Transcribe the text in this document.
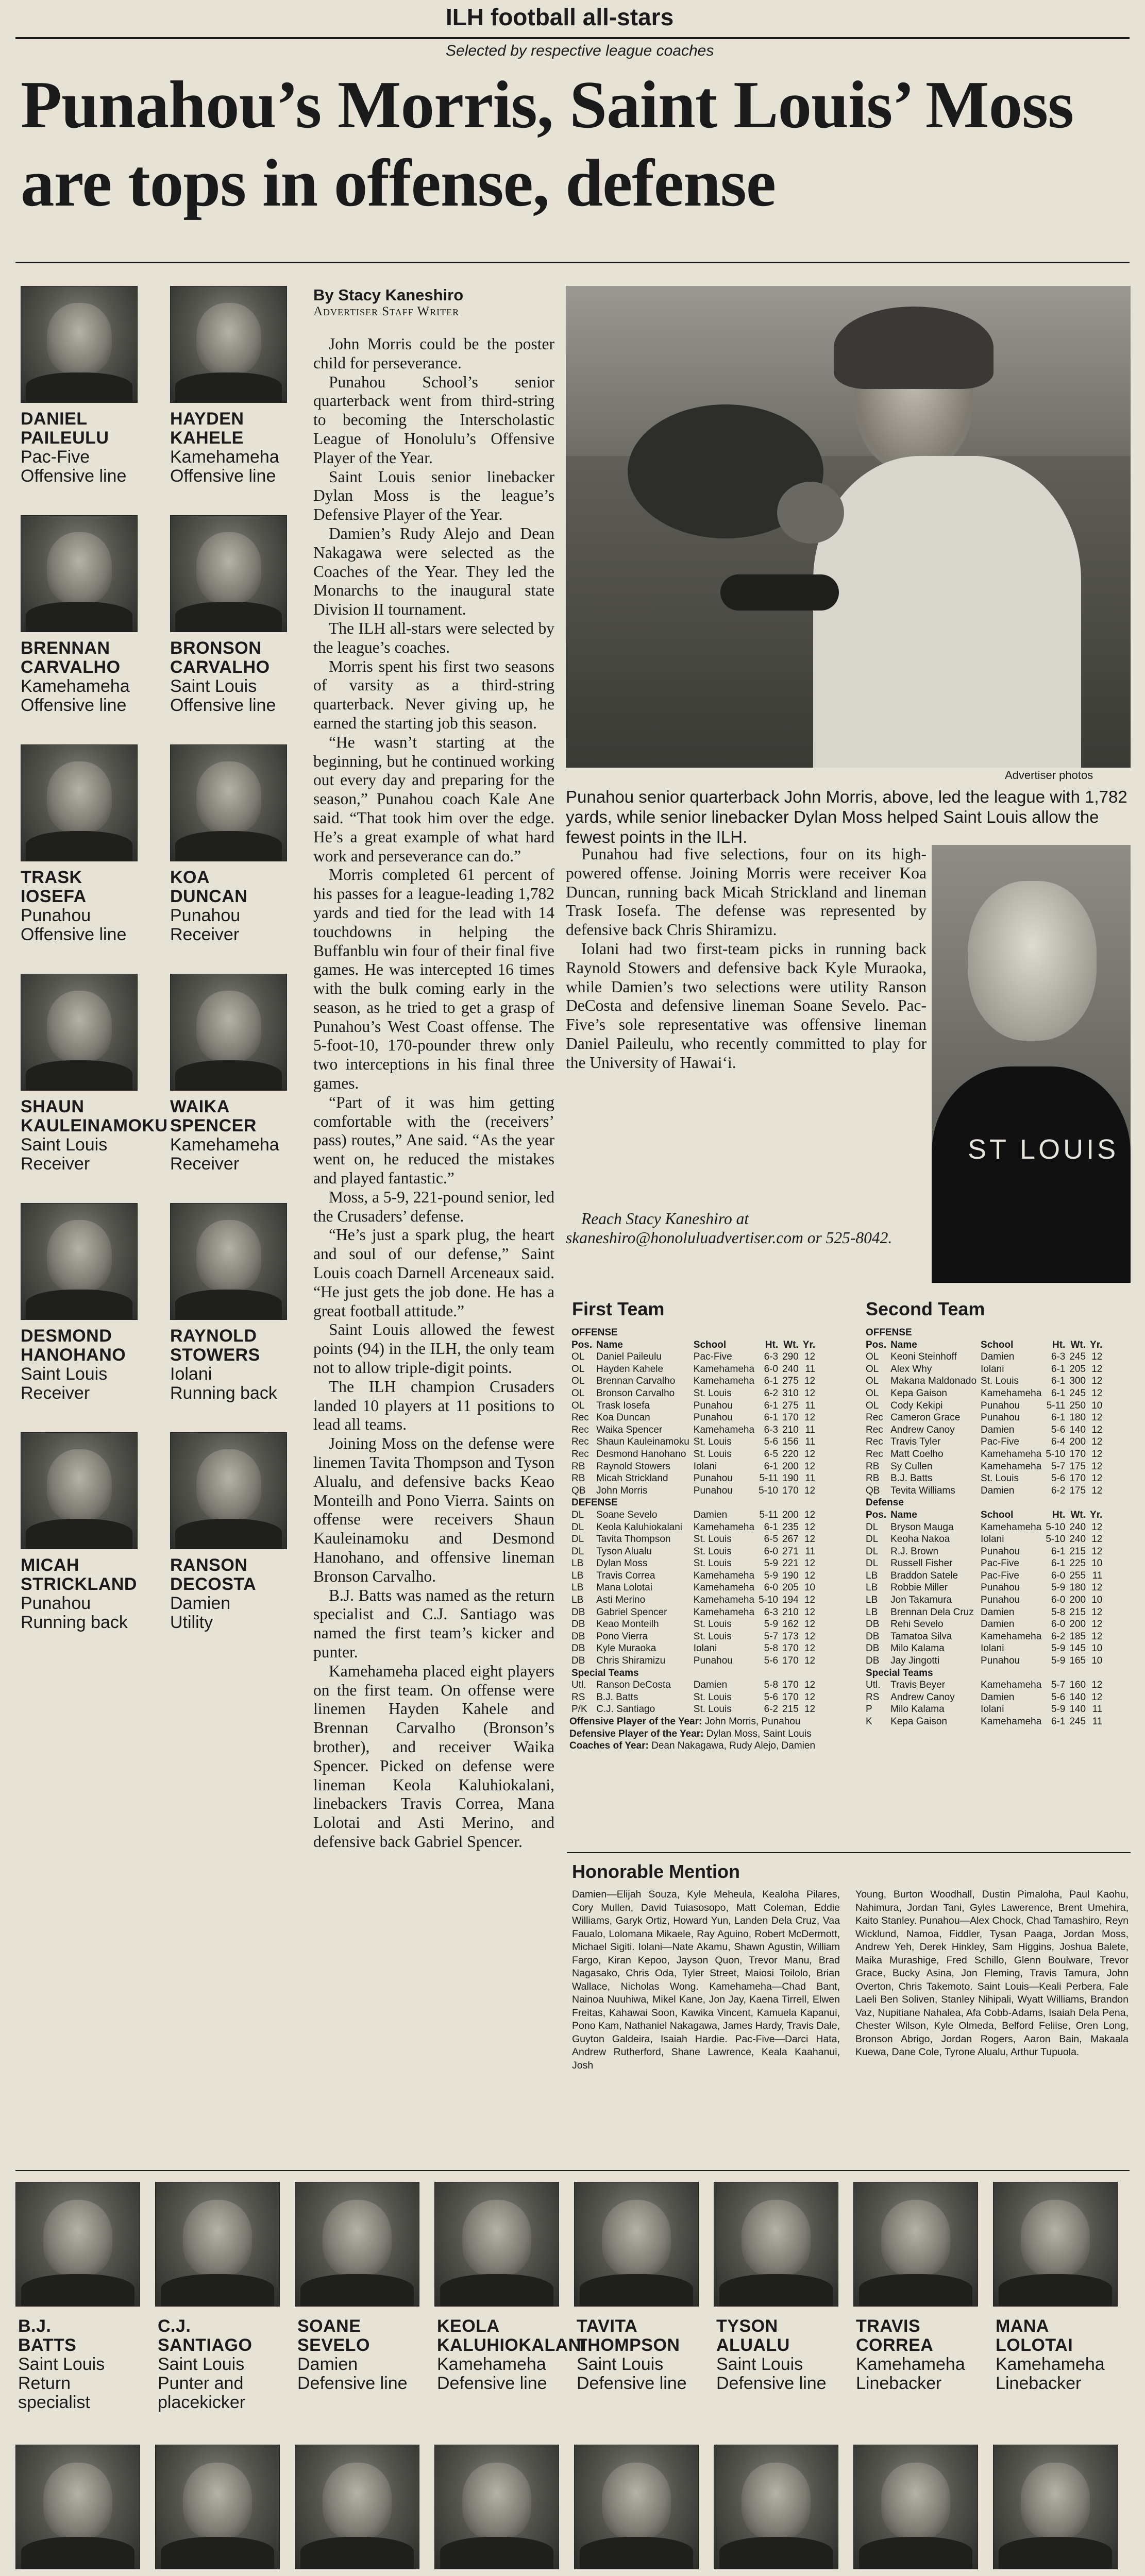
ILH football all-stars
Selected by respective league coaches
Punahou’s Morris, Saint Louis’ Moss are tops in offense, defense
DANIEL
PAILEULU
Pac-Five
Offensive line
HAYDEN
KAHELE
Kamehameha
Offensive line
BRENNAN
CARVALHO
Kamehameha
Offensive line
BRONSON
CARVALHO
Saint Louis
Offensive line
TRASK
IOSEFA
Punahou
Offensive line
KOA
DUNCAN
Punahou
Receiver
SHAUN
KAULEINAMOKU
Saint Louis
Receiver
WAIKA
SPENCER
Kamehameha
Receiver
DESMOND
HANOHANO
Saint Louis
Receiver
RAYNOLD
STOWERS
Iolani
Running back
MICAH
STRICKLAND
Punahou
Running back
RANSON
DECOSTA
Damien
Utility
By Stacy Kaneshiro
Advertiser Staff Writer

John Morris could be the poster child for perseverance.

Punahou School’s senior quarterback went from third-string to becoming the Interscholastic League of Honolulu’s Offensive Player of the Year.

Saint Louis senior linebacker Dylan Moss is the league’s Defensive Player of the Year.

Damien’s Rudy Alejo and Dean Nakagawa were selected as the Coaches of the Year. They led the Monarchs to the inaugural state Division II tournament.

The ILH all-stars were selected by the league’s coaches.

Morris spent his first two seasons of varsity as a third-string quarterback. Never giving up, he earned the starting job this season.

“He wasn’t starting at the beginning, but he continued working out every day and preparing for the season,” Punahou coach Kale Ane said. “That took him over the edge. He’s a great example of what hard work and perseverance can do.”

Morris completed 61 percent of his passes for a league-leading 1,782 yards and tied for the lead with 14 touchdowns in helping the Buffanblu win four of their final five games. He was intercepted 16 times with the bulk coming early in the season, as he tried to get a grasp of Punahou’s West Coast offense. The 5-foot-10, 170-pounder threw only two interceptions in his final three games.

“Part of it was him getting comfortable with the (receivers’ pass) routes,” Ane said. “As the year went on, he reduced the mistakes and played fantastic.”

Moss, a 5-9, 221-pound senior, led the Crusaders’ defense.

“He’s just a spark plug, the heart and soul of our defense,” Saint Louis coach Darnell Arceneaux said. “He just gets the job done. He has a great football attitude.”

Saint Louis allowed the fewest points (94) in the ILH, the only team not to allow triple-digit points.

The ILH champion Crusaders landed 10 players at 11 positions to lead all teams.

Joining Moss on the defense were linemen Tavita Thompson and Tyson Alualu, and defensive backs Keao Monteilh and Pono Vierra. Saints on offense were receivers Shaun Kauleinamoku and Desmond Hanohano, and offensive lineman Bronson Carvalho.

B.J. Batts was named as the return specialist and C.J. Santiago was named the first team’s kicker and punter.

Kamehameha placed eight players on the first team. On offense were linemen Hayden Kahele and Brennan Carvalho (Bronson’s brother), and receiver Waika Spencer. Picked on defense were lineman Keola Kaluhiokalani, linebackers Travis Correa, Mana Lolotai and Asti Merino, and defensive back Gabriel Spencer.

Advertiser photos
Punahou senior quarterback John Morris, above, led the league with 1,782 yards, while senior linebacker Dylan Moss helped Saint Louis allow the fewest points in the ILH.

Punahou had five selections, four on its high-powered offense. Joining Morris were receiver Koa Duncan, running back Micah Strickland and lineman Trask Iosefa. The defense was represented by defensive back Chris Shiramizu.

Iolani had two first-team picks in running back Raynold Stowers and defensive back Kyle Muraoka, while Damien’s two selections were utility Ranson DeCosta and defensive lineman Soane Sevelo. Pac-Five’s sole representative was offensive lineman Daniel Paileulu, who recently committed to play for the University of Hawai‘i.

Reach Stacy Kaneshiro at skaneshiro@honoluluadvertiser.com or 525-8042.
ST LOUIS
First Team
OFFENSE					
Pos.	Name	School	Ht.	Wt.	Yr.
OL	Daniel Paileulu	Pac-Five	6-3	290	12
OL	Hayden Kahele	Kamehameha	6-0	240	11
OL	Brennan Carvalho	Kamehameha	6-1	275	12
OL	Bronson Carvalho	St. Louis	6-2	310	12
OL	Trask Iosefa	Punahou	6-1	275	11
Rec	Koa Duncan	Punahou	6-1	170	12
Rec	Waika Spencer	Kamehameha	6-3	210	11
Rec	Shaun Kauleinamoku	St. Louis	5-6	156	11
Rec	Desmond Hanohano	St. Louis	6-5	220	12
RB	Raynold Stowers	Iolani	6-1	200	12
RB	Micah Strickland	Punahou	5-11	190	11
QB	John Morris	Punahou	5-10	170	12
DEFENSE					
DL	Soane Sevelo	Damien	5-11	200	12
DL	Keola Kaluhiokalani	Kamehameha	6-1	235	12
DL	Tavita Thompson	St. Louis	6-5	267	12
DL	Tyson Alualu	St. Louis	6-0	271	11
LB	Dylan Moss	St. Louis	5-9	221	12
LB	Travis Correa	Kamehameha	5-9	190	12
LB	Mana Lolotai	Kamehameha	6-0	205	10
LB	Asti Merino	Kamehameha	5-10	194	12
DB	Gabriel Spencer	Kamehameha	6-3	210	12
DB	Keao Monteilh	St. Louis	5-9	162	12
DB	Pono Vierra	St. Louis	5-7	173	12
DB	Kyle Muraoka	Iolani	5-8	170	12
DB	Chris Shiramizu	Punahou	5-6	170	12
Special Teams					
Utl.	Ranson DeCosta	Damien	5-8	170	12
RS	B.J. Batts	St. Louis	5-6	170	12
P/K	C.J. Santiago	St. Louis	6-2	215	12
Offensive Player of the Year: John Morris, Punahou
Defensive Player of the Year: Dylan Moss, Saint Louis
Coaches of Year: Dean Nakagawa, Rudy Alejo, Damien
Second Team
OFFENSE					
Pos.	Name	School	Ht.	Wt.	Yr.
OL	Keoni Steinhoff	Damien	6-3	245	12
OL	Alex Why	Iolani	6-1	205	12
OL	Makana Maldonado	St. Louis	6-1	300	12
OL	Kepa Gaison	Kamehameha	6-1	245	12
OL	Cody Kekipi	Punahou	5-11	250	10
Rec	Cameron Grace	Punahou	6-1	180	12
Rec	Andrew Canoy	Damien	5-6	140	12
Rec	Travis Tyler	Pac-Five	6-4	200	12
Rec	Matt Coelho	Kamehameha	5-10	170	12
RB	Sy Cullen	Kamehameha	5-7	175	12
RB	B.J. Batts	St. Louis	5-6	170	12
QB	Tevita Williams	Damien	6-2	175	12
Defense					
Pos.	Name	School	Ht.	Wt.	Yr.
DL	Bryson Mauga	Kamehameha	5-10	240	12
DL	Keoha Nakoa	Iolani	5-10	240	12
DL	R.J. Brown	Punahou	6-1	215	12
DL	Russell Fisher	Pac-Five	6-1	225	10
LB	Braddon Satele	Pac-Five	6-0	255	11
LB	Robbie Miller	Punahou	5-9	180	12
LB	Jon Takamura	Punahou	6-0	200	10
LB	Brennan Dela Cruz	Damien	5-8	215	12
DB	Rehi Sevelo	Damien	6-0	200	12
DB	Tamatoa Silva	Kamehameha	6-2	185	12
DB	Milo Kalama	Iolani	5-9	145	10
DB	Jay Jingotti	Punahou	5-9	165	10
Special Teams					
Utl.	Travis Beyer	Kamehameha	5-7	160	12
RS	Andrew Canoy	Damien	5-6	140	12
P	Milo Kalama	Iolani	5-9	140	11
K	Kepa Gaison	Kamehameha	6-1	245	11
Honorable Mention
Damien—Elijah Souza, Kyle Meheula, Kealoha Pilares, Cory Mullen, David Tuiasosopo, Matt Coleman, Eddie Williams, Garyk Ortiz, Howard Yun, Landen Dela Cruz, Vaa Faualo, Lolomana Mikaele, Ray Aguino, Robert McDermott, Michael Sigiti. Iolani—Nate Akamu, Shawn Agustin, William Fargo, Kiran Kepoo, Jayson Quon, Trevor Manu, Brad Nagasako, Chris Oda, Tyler Street, Maiosi Toilolo, Brian Wallace, Nicholas Wong. Kamehameha—Chad Bant, Nainoa Nuuhiwa, Mikel Kane, Jon Jay, Kaena Tirrell, Elwen Freitas, Kahawai Soon, Kawika Vincent, Kamuela Kapanui, Pono Kam, Nathaniel Nakagawa, James Hardy, Travis Dale, Guyton Galdeira, Isaiah Hardie. Pac-Five—Darci Hata, Andrew Rutherford, Shane Lawrence, Keala Kaahanui, Josh
Young, Burton Woodhall, Dustin Pimaloha, Paul Kaohu, Nahimura, Jordan Tani, Gyles Lawerence, Brent Umehira, Kaito Stanley. Punahou—Alex Chock, Chad Tamashiro, Reyn Wicklund, Namoa, Fiddler, Tysan Paaga, Jordan Moss, Andrew Yeh, Derek Hinkley, Sam Higgins, Joshua Balete, Maika Murashige, Fred Schillo, Glenn Boulware, Trevor Grace, Bucky Asina, Jon Fleming, Travis Tamura, John Overton, Chris Takemoto. Saint Louis—Keali Perbera, Fale Laeli Ben Soliven, Stanley Nihipali, Wyatt Williams, Brandon Vaz, Nupitiane Nahalea, Afa Cobb-Adams, Isaiah Dela Pena, Chester Wilson, Kyle Olmeda, Belford Feliise, Oren Long, Bronson Abrigo, Jordan Rogers, Aaron Bain, Makaala Kuewa, Dane Cole, Tyrone Alualu, Arthur Tupuola.
B.J.
BATTS
Saint Louis
Return
specialist
C.J.
SANTIAGO
Saint Louis
Punter and
placekicker
SOANE
SEVELO
Damien
Defensive line
KEOLA
KALUHIOKALANI
Kamehameha
Defensive line
TAVITA
THOMPSON
Saint Louis
Defensive line
TYSON
ALUALU
Saint Louis
Defensive line
TRAVIS
CORREA
Kamehameha
Linebacker
MANA
LOLOTAI
Kamehameha
Linebacker
